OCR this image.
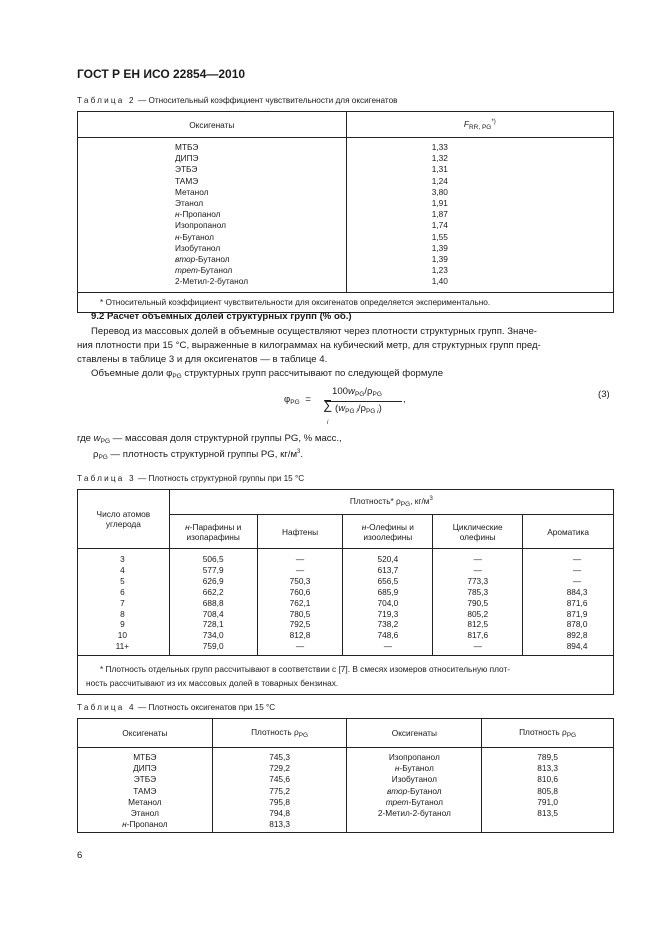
ГОСТ Р ЕН ИСО 22854—2010
Таблица 2 — Относительный коэффициент чувствительности для оксигенатов
Оксигенаты	$F_{RR, PG}^{*)}$
МТБЭ	1,33
ДИПЭ	1,32
ЭТБЭ	1,31
ТАМЭ	1,24
Метанол	3,80
Этанол	1,91
н-Пропанол	1,87
Изопропанол	1,74
н-Бутанол	1,55
Изобутанол	1,39
втор-Бутанол	1,39
трет-Бутанол	1,23
2-Метил-2-бутанол	1,40
* Относительный коэффициент чувствительности для оксигенатов определяется экспериментально.	
9.2 Расчет объемных долей структурных групп (% об.)
Перевод из массовых долей в объемные осуществляют через плотности структурных групп. Значе-
ния плотности при 15 °C, выраженные в килограммах на кубический метр, для структурных групп пред-
ставлены в таблице 3 и для оксигенатов — в таблице 4.
Объемные доли $\varphi_{PG}$ структурных групп рассчитывают по следующей формуле
$\varphi_{PG}$ =
$100w_{PG}/\rho_{PG}$
∑
i
$(w_{PG i}/\rho_{PG i})$
,	(3)
где $w_{PG}$ — массовая доля структурной группы PG, % масс.,
$\rho_{PG}$ — плотность структурной группы PG, $кг/м^3$.
Таблица 3 — Плотность структурной группы при 15 °C
Число атомов углерода	Плотность* $\rho_{PG}$, $кг/м^3$
	н-Парафины и изопарафины	Нафтены	н-Олефины и изоолефины	Циклические олефины	Ароматика
3	506,5	—	520,4	—	—
4	577,9	—	613,7	—	—
5	626,9	750,3	656,5	773,3	—
6	662,2	760,6	685,9	785,3	884,3
7	688,8	762,1	704,0	790,5	871,6
8	708,4	780,5	719,3	805,2	871,9
9	728,1	792,5	738,2	812,5	878,0
10	734,0	812,8	748,6	817,6	892,8
11+	759,0	—	—	—	894,4

* Плотность отдельных групп рассчитывают в соответствии с [7]. В смесях изомеров относительную плот-
ность рассчитывают из их массовых долей в товарных бензинах.					
Таблица 4 — Плотность оксигенатов при 15 °C
Оксигенаты	Плотность $\rho_{PG}$	Оксигенаты	Плотность $\rho_{PG}$
МТБЭ	745,3	Изопропанол	789,5
ДИПЭ	729,2	н-Бутанол	813,3
ЭТБЭ	745,6	Изобутанол	810,6
ТАМЭ	775,2	втор-Бутанол	805,8
Метанол	795,8	трет-Бутанол	791,0
Этанол	794,8	2-Метил-2-бутанол	813,5
н-Пропанол	813,3		
6
